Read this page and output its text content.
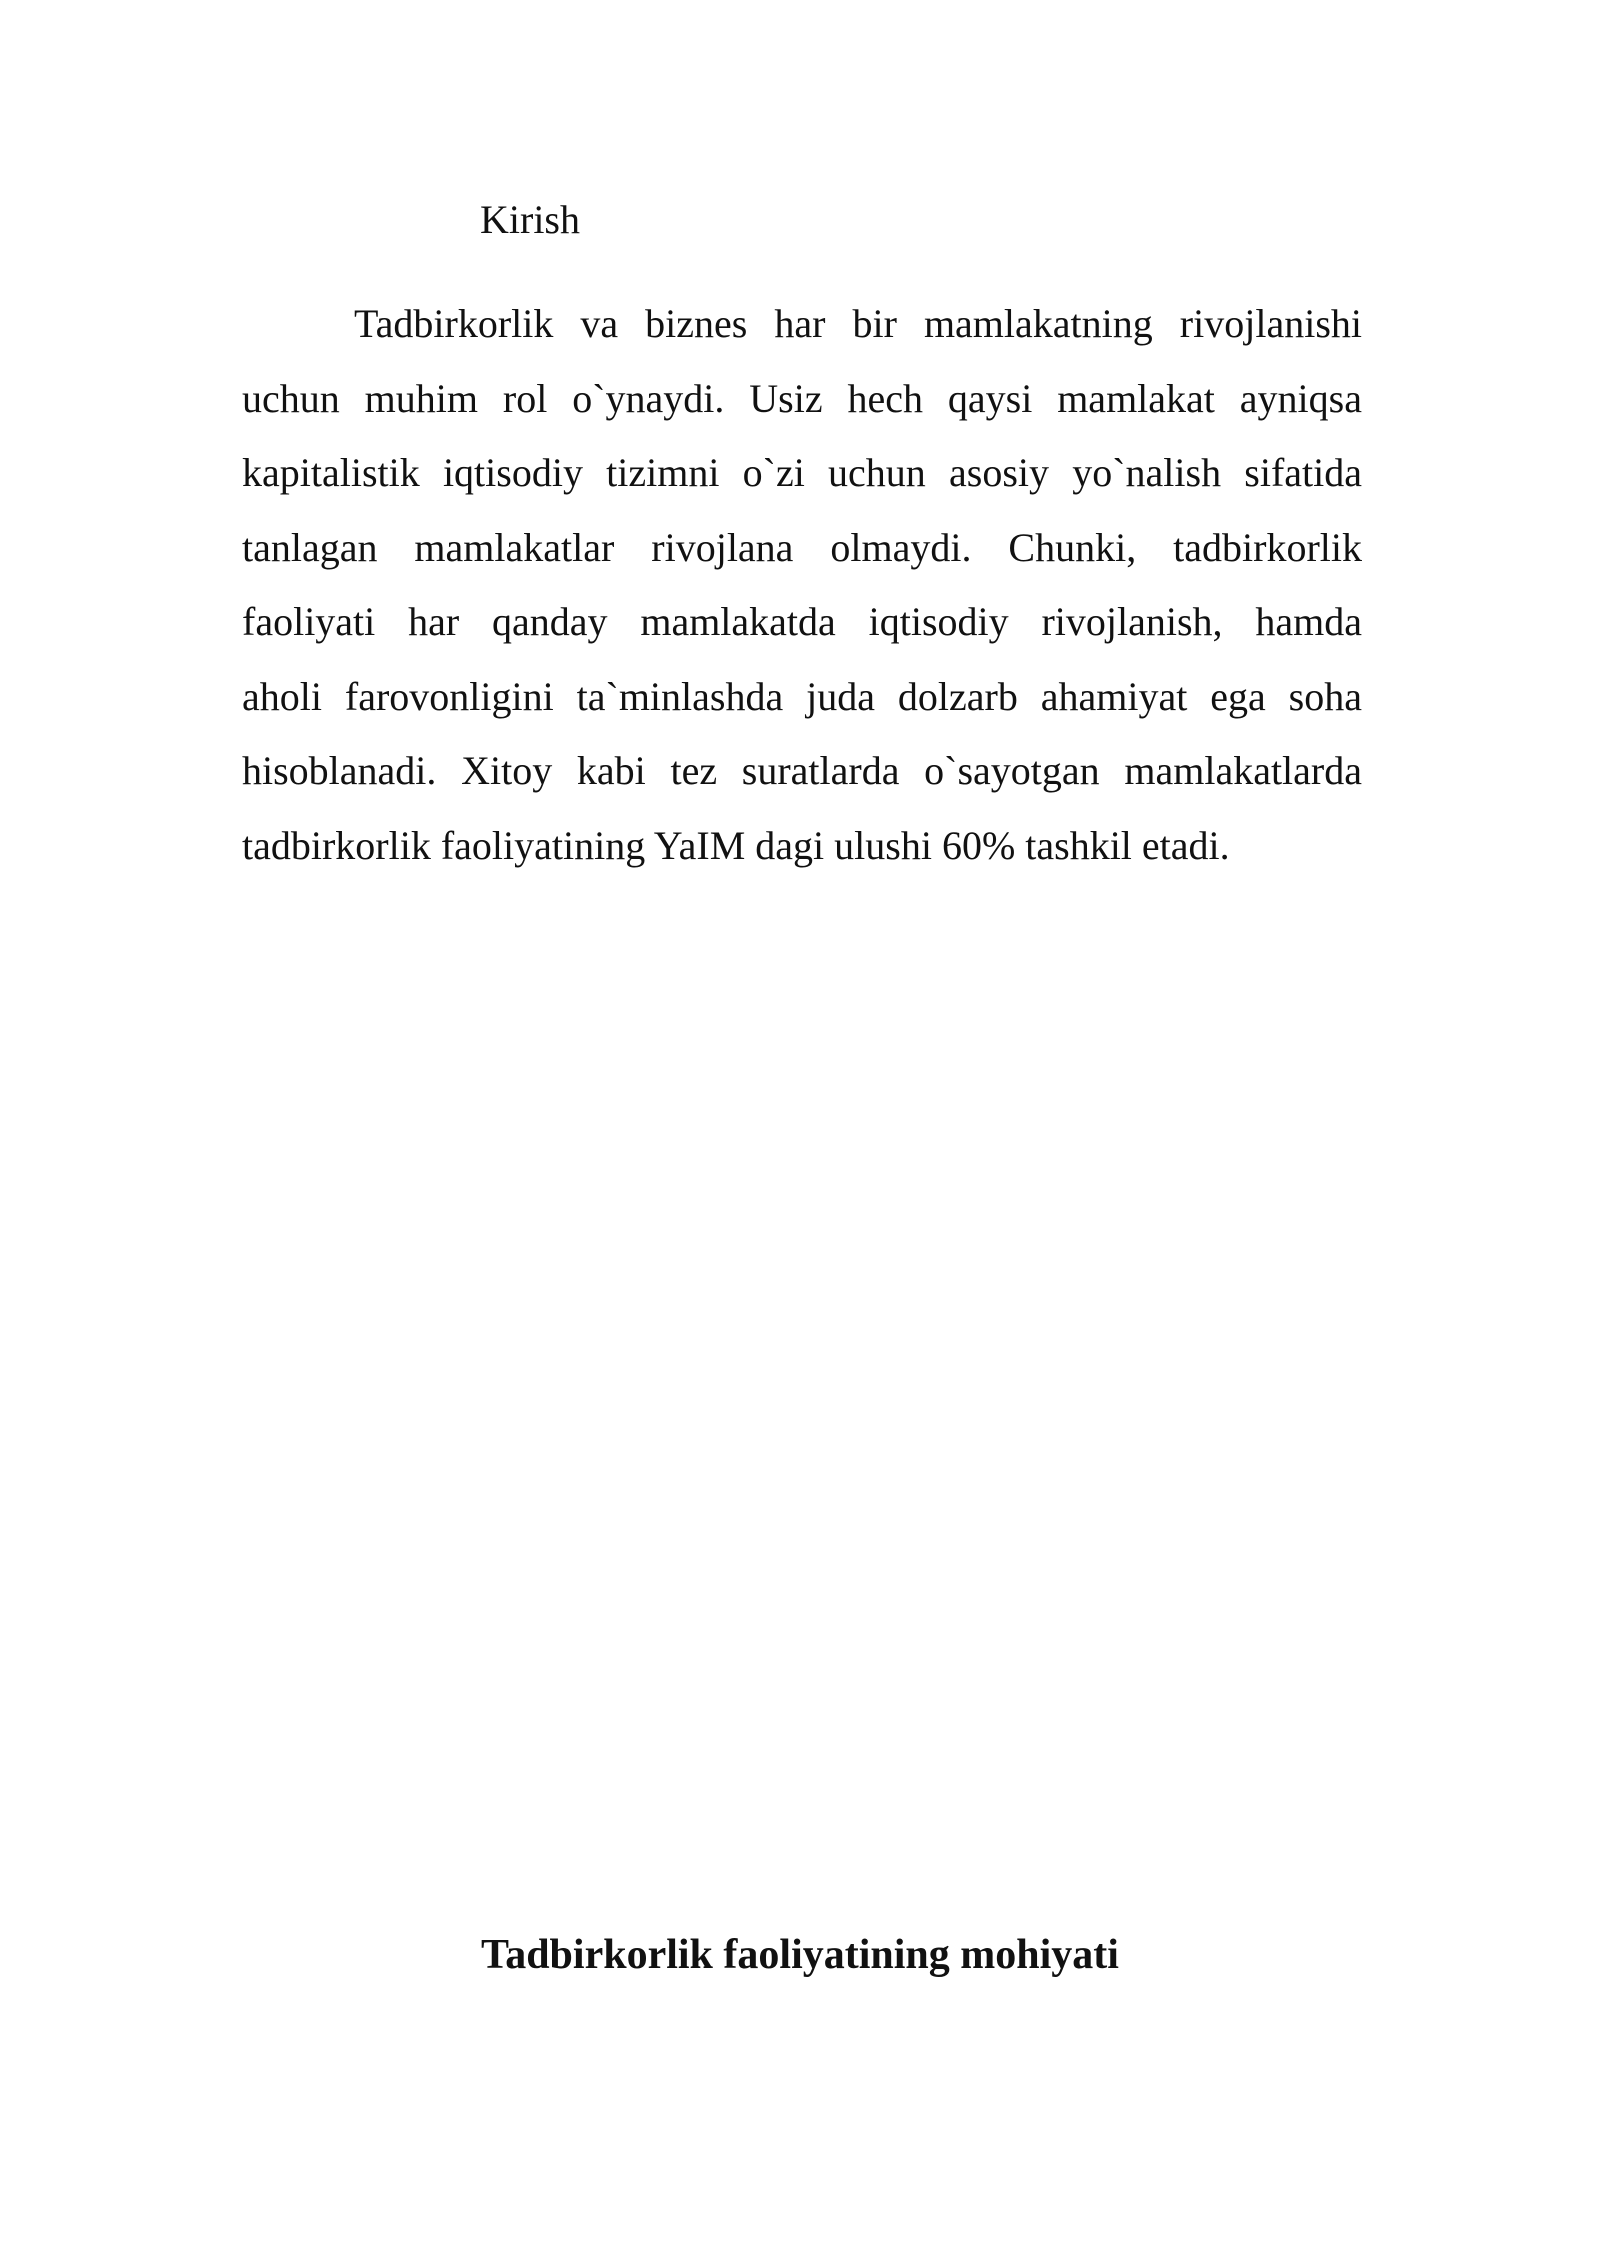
Kirish

Tadbirkorlik va biznes har bir mamlakatning rivojlanishi
uchun muhim rol o`ynaydi. Usiz hech qaysi mamlakat ayniqsa
kapitalistik iqtisodiy tizimni o`zi uchun asosiy yo`nalish sifatida
tanlagan mamlakatlar rivojlana olmaydi. Chunki, tadbirkorlik
faoliyati har qanday mamlakatda iqtisodiy rivojlanish, hamda
aholi farovonligini ta`minlashda juda dolzarb ahamiyat ega soha
hisoblanadi. Xitoy kabi tez suratlarda o`sayotgan mamlakatlarda
tadbirkorlik faoliyatining YaIM dagi ulushi 60% tashkil etadi.

Tadbirkorlik faoliyatining mohiyati
